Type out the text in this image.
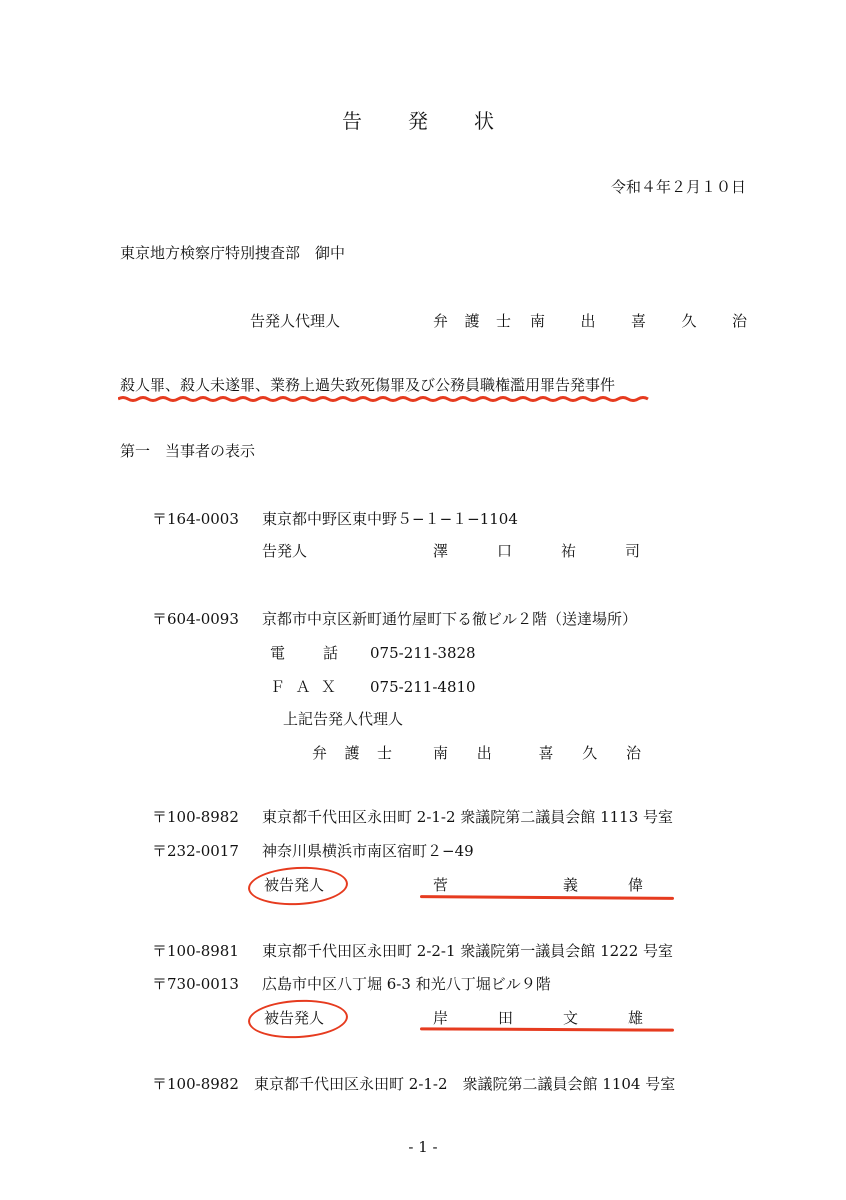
告 発 状
令和４年２月１０日
東京地方検察庁特別捜査部　御中
告発人代理人	弁 護 士 南 出 喜 久 治
殺人罪、殺人未遂罪、業務上過失致死傷罪及び公務員職権濫用罪告発事件
第一　当事者の表示
〒164-0003 東京都中野区東中野５−１−１−1104
告発人	澤	口	祐	司
〒604-0093 京都市中京区新町通竹屋町下る徹ビル２階（送達場所）
電	話 075-211-3828
Ｆ Ａ Ｘ 075-211-4810
上記告発人代理人
弁 護 士	南 出	喜 久 治
〒100-8982 東京都千代田区永田町 2-1-2 衆議院第二議員会館 1113 号室
〒232-0017 神奈川県横浜市南区宿町２−49
被告発人	菅	義	偉
〒100-8981 東京都千代田区永田町 2-2-1 衆議院第一議員会館 1222 号室
〒730-0013 広島市中区八丁堀 6-3 和光八丁堀ビル９階
被告発人	岸	田	文	雄
〒100-8982 東京都千代田区永田町 2-1-2　衆議院第二議員会館 1104 号室
- 1 -
